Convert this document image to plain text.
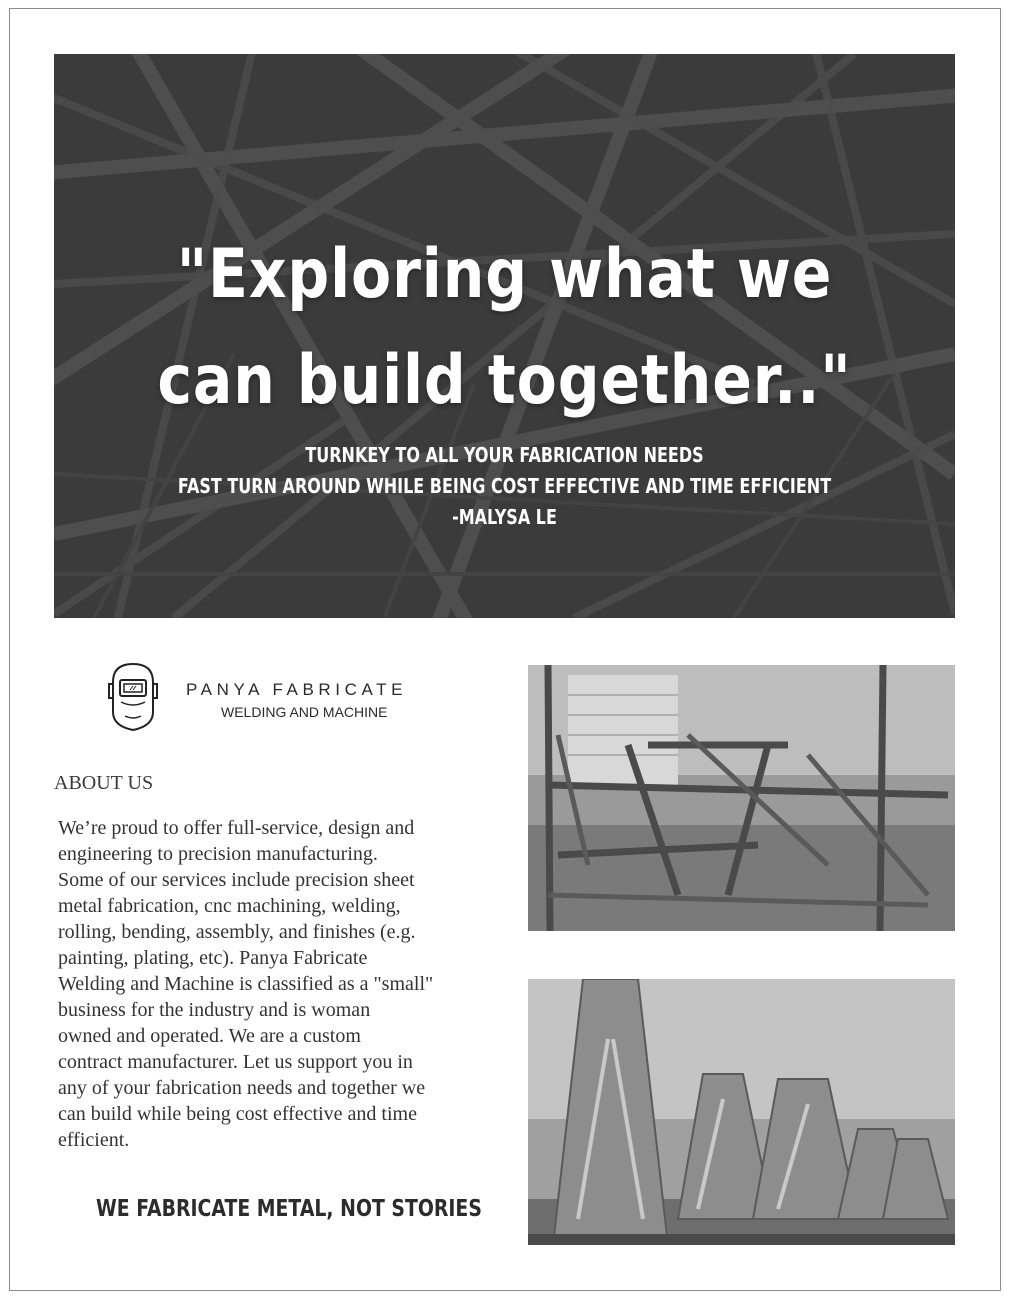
"Exploring what we
can build together.."
TURNKEY TO ALL YOUR FABRICATION NEEDS
FAST TURN AROUND WHILE BEING COST EFFECTIVE AND TIME EFFICIENT
-MALYSA LE
PANYA FABRICATE
WELDING AND MACHINE
ABOUT US
We’re proud to offer full-service, design and
engineering to precision manufacturing.
Some of our services include precision sheet
metal fabrication, cnc machining, welding,
rolling, bending, assembly, and finishes (e.g.
painting, plating, etc). Panya Fabricate
Welding and Machine is classified as a "small"
business for the industry and is woman
owned and operated. We are a custom
contract manufacturer. Let us support you in
any of your fabrication needs and together we
can build while being cost effective and time
efficient.
WE FABRICATE METAL, NOT STORIES
